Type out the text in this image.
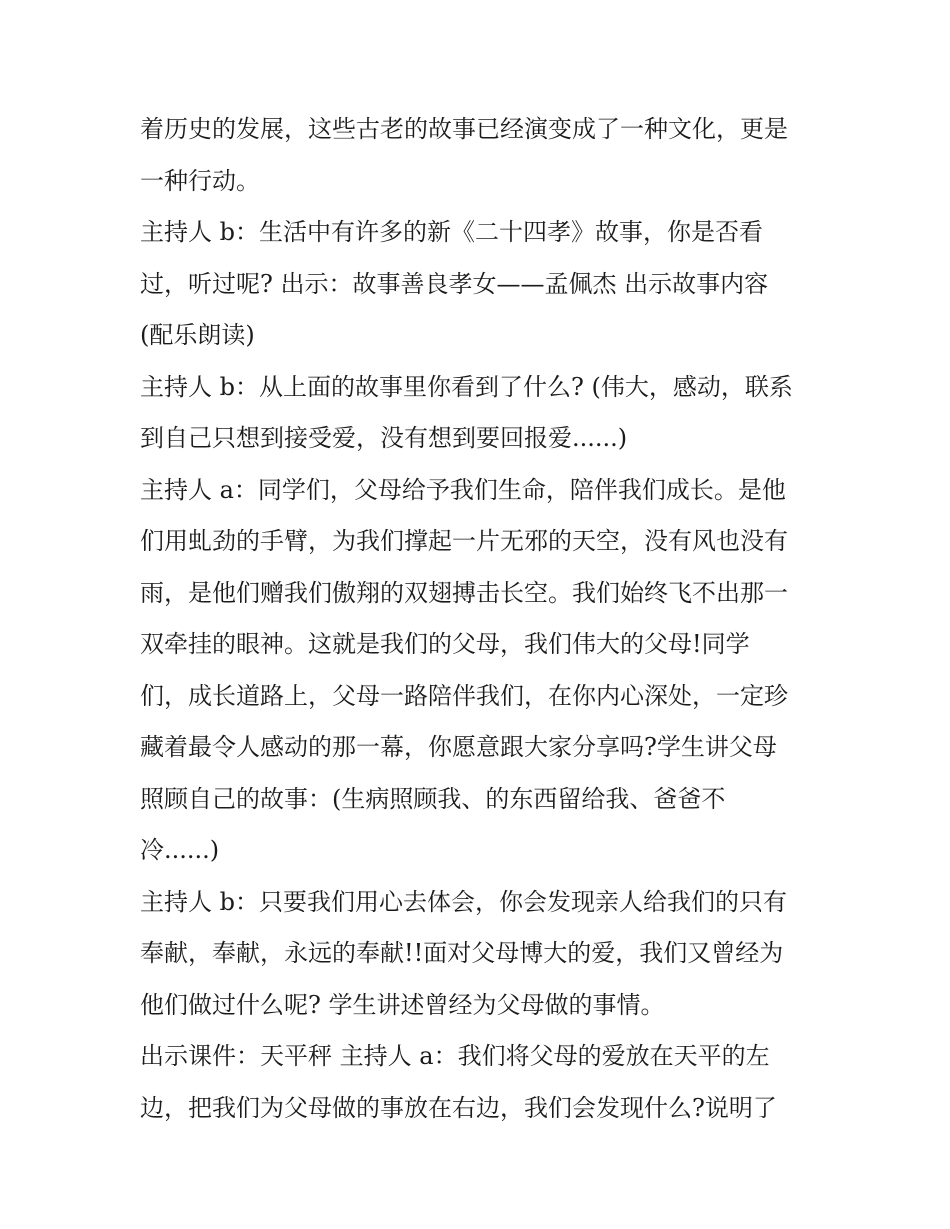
着历史的发展，这些古老的故事已经演变成了一种文化，更是
一种行动。
主持人 b：生活中有许多的新《二十四孝》故事，你是否看
过，听过呢? 出示：故事善良孝女——孟佩杰 出示故事内容
(配乐朗读)
主持人 b：从上面的故事里你看到了什么? (伟大，感动，联系
到自己只想到接受爱，没有想到要回报爱......)
主持人 a：同学们，父母给予我们生命，陪伴我们成长。是他
们用虬劲的手臂，为我们撑起一片无邪的天空，没有风也没有
雨，是他们赠我们傲翔的双翅搏击长空。我们始终飞不出那一
双牵挂的眼神。这就是我们的父母，我们伟大的父母!同学
们，成长道路上，父母一路陪伴我们，在你内心深处，一定珍
藏着最令人感动的那一幕，你愿意跟大家分享吗?学生讲父母
照顾自己的故事：(生病照顾我、的东西留给我、爸爸不
冷......)
主持人 b：只要我们用心去体会，你会发现亲人给我们的只有
奉献，奉献，永远的奉献!!面对父母博大的爱，我们又曾经为
他们做过什么呢? 学生讲述曾经为父母做的事情。
出示课件：天平秤 主持人 a：我们将父母的爱放在天平的左
边，把我们为父母做的事放在右边，我们会发现什么?说明了
